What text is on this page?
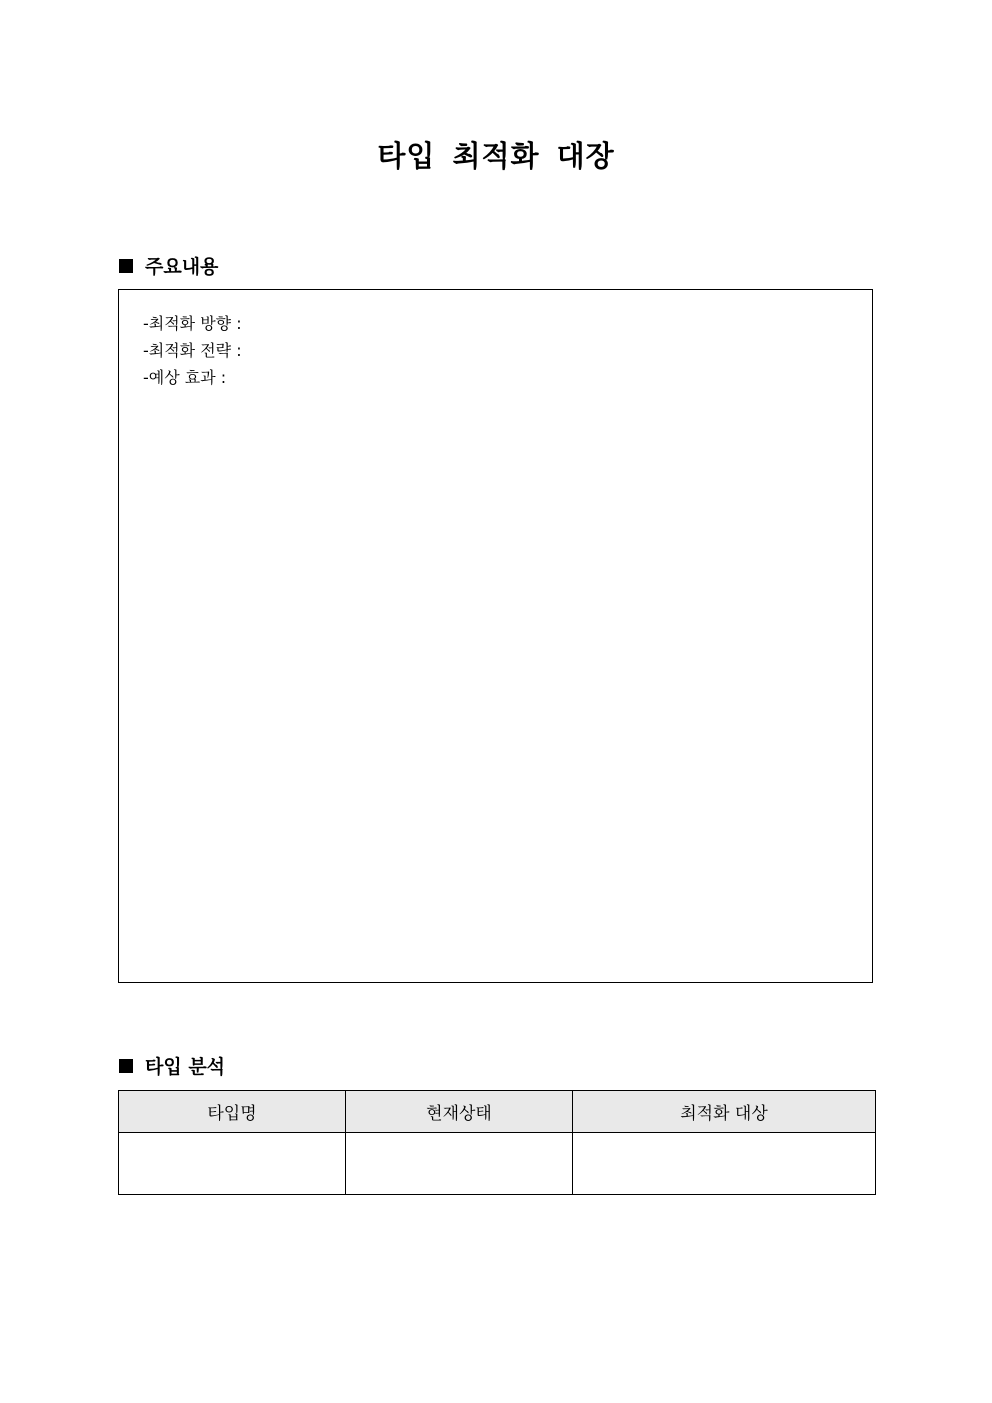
타입 최적화 대장
주요내용
-최적화 방향 :
-최적화 전략 :
-예상 효과 :
타입 분석
타입명	현재상태	최적화 대상
